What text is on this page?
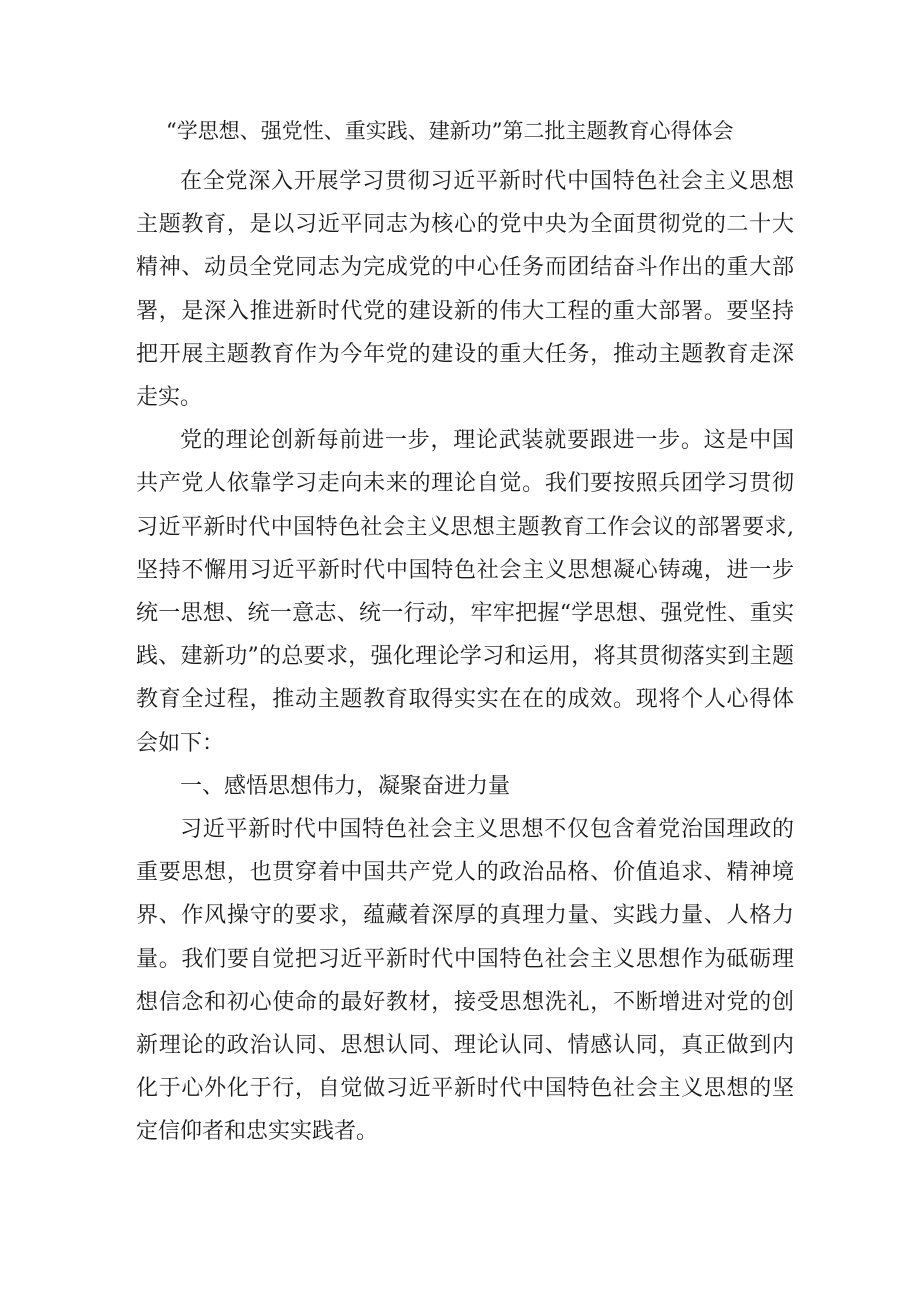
“学思想、强党性、重实践、建新功”第二批主题教育心得体会

在全党深入开展学习贯彻习近平新时代中国特色社会主义思想主题教育，是以习近平同志为核心的党中央为全面贯彻党的二十大精神、动员全党同志为完成党的中心任务而团结奋斗作出的重大部署，是深入推进新时代党的建设新的伟大工程的重大部署。要坚持把开展主题教育作为今年党的建设的重大任务，推动主题教育走深走实。

党的理论创新每前进一步，理论武装就要跟进一步。这是中国共产党人依靠学习走向未来的理论自觉。我们要按照兵团学习贯彻习近平新时代中国特色社会主义思想主题教育工作会议的部署要求,坚持不懈用习近平新时代中国特色社会主义思想凝心铸魂，进一步统一思想、统一意志、统一行动，牢牢把握“学思想、强党性、重实践、建新功”的总要求，强化理论学习和运用，将其贯彻落实到主题教育全过程，推动主题教育取得实实在在的成效。现将个人心得体会如下：

一、感悟思想伟力，凝聚奋进力量

习近平新时代中国特色社会主义思想不仅包含着党治国理政的重要思想，也贯穿着中国共产党人的政治品格、价值追求、精神境界、作风操守的要求，蕴藏着深厚的真理力量、实践力量、人格力量。我们要自觉把习近平新时代中国特色社会主义思想作为砥砺理想信念和初心使命的最好教材，接受思想洗礼，不断增进对党的创新理论的政治认同、思想认同、理论认同、情感认同，真正做到内化于心外化于行，自觉做习近平新时代中国特色社会主义思想的坚定信仰者和忠实实践者。
